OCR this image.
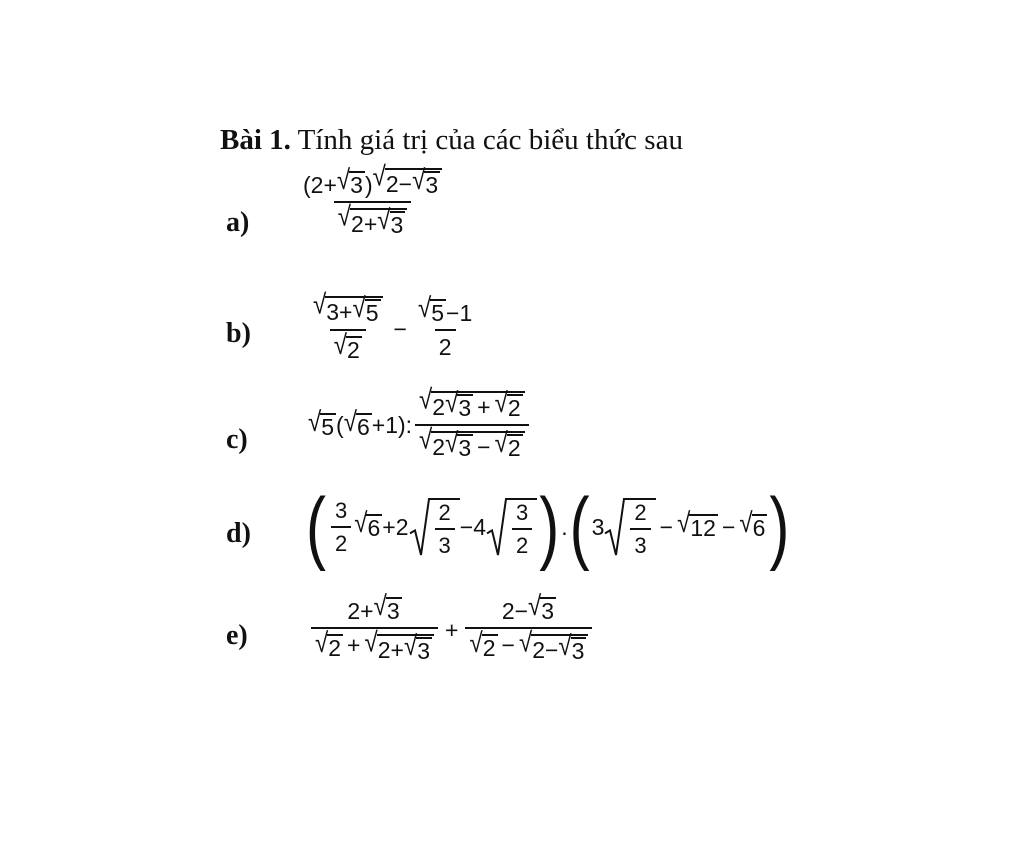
Bài 1. Tính giá trị của các biểu thức sau
$a) \frac{(2+ √ 3 ) √ 2- √ 3}{√ 2+ √ 3}$
$b) \frac{√ 3+ √ 5}{√ 2} - \frac{√ 5 -1}{2}$
c)
√ 5 ( √ 6 +1): $\frac{√ 2 √ 3 + √ 2}{√ 2 √ 3 - √ 2}$
d) ( $\frac{3}{2}$ √ $6 +2 \frac{2}{3} -4 \frac{3}{2}$ ) . ( $3 \frac{2}{3}$ − √ 12 − √ 6 )
e)	$\frac{2+ √ 3}{√ 2 + √ 2+ √ 3} + \frac{2- √ 3}{√ 2 - √ 2- √ 3}$
